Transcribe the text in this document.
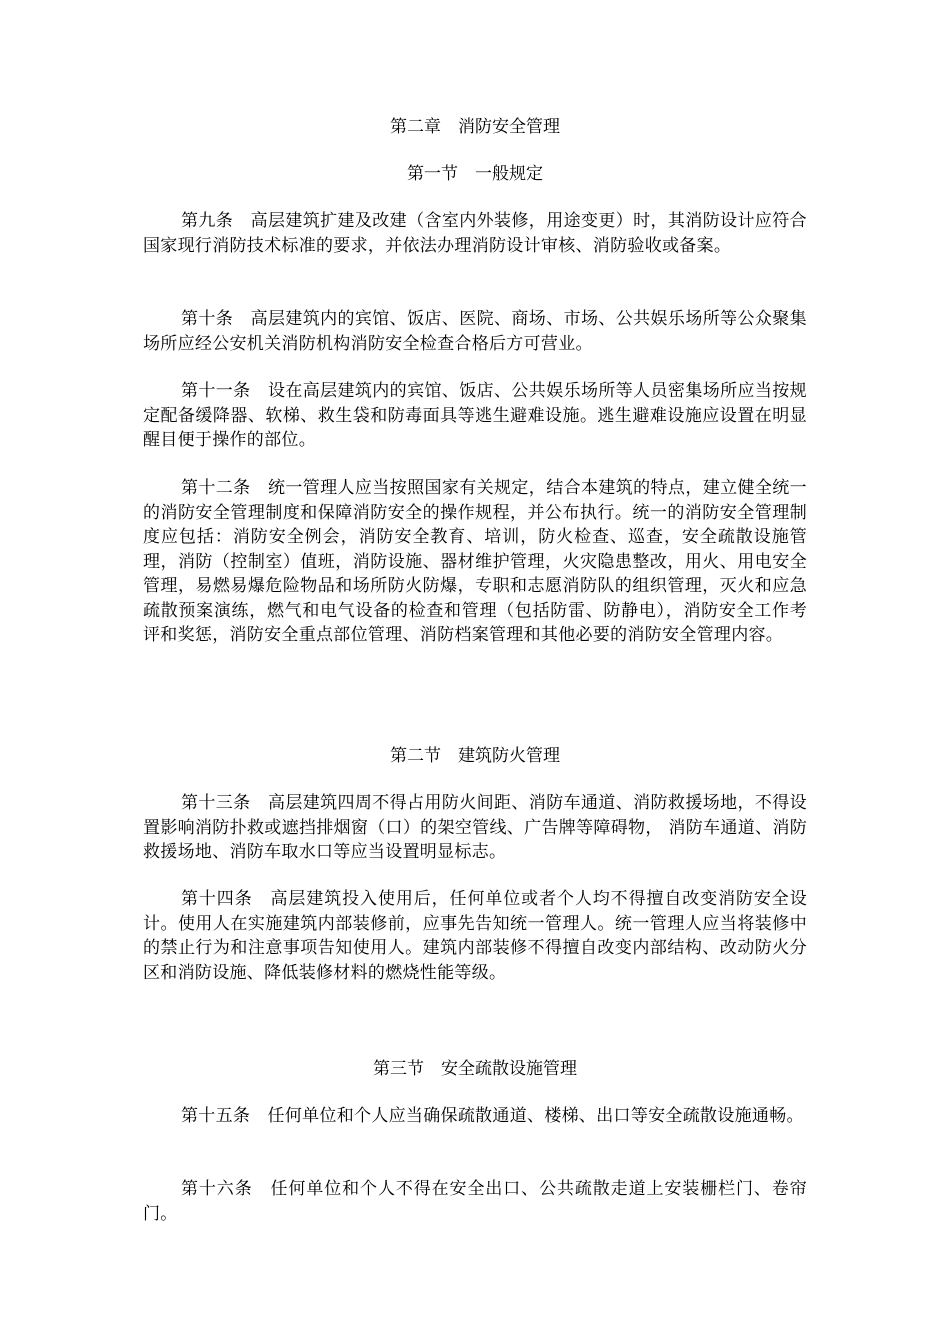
第二章　消防安全管理
第一节　一般规定
第九条　 高层建筑扩建及改建（含室内外装修，用途变更）时，其消防设计应符合国家现行消防技术标准的要求，并依法办理消防设计审核、消防验收或备案。
第十条　 高层建筑内的宾馆、饭店、医院、商场、市场、公共娱乐场所等公众聚集场所应经公安机关消防机构消防安全检查合格后方可营业。
第十一条　 设在高层建筑内的宾馆、饭店、公共娱乐场所等人员密集场所应当按规定配备缓降器、软梯、救生袋和防毒面具等逃生避难设施。逃生避难设施应设置在明显醒目便于操作的部位。
第十二条　 统一管理人应当按照国家有关规定，结合本建筑的特点，建立健全统一的消防安全管理制度和保障消防安全的操作规程，并公布执行。统一的消防安全管理制度应包括：消防安全例会，消防安全教育、培训，防火检查、巡查，安全疏散设施管理，消防（控制室）值班，消防设施、器材维护管理，火灾隐患整改，用火、用电安全管理，易燃易爆危险物品和场所防火防爆，专职和志愿消防队的组织管理，灭火和应急疏散预案演练，燃气和电气设备的检查和管理（包括防雷、防静电），消防安全工作考评和奖惩，消防安全重点部位管理、消防档案管理和其他必要的消防安全管理内容。
第二节　建筑防火管理
第十三条　 高层建筑四周不得占用防火间距、消防车通道、消防救援场地，不得设置影响消防扑救或遮挡排烟窗（口）的架空管线、广告牌等障碍物， 消防车通道、消防救援场地、消防车取水口等应当设置明显标志。
第十四条　 高层建筑投入使用后，任何单位或者个人均不得擅自改变消防安全设计。使用人在实施建筑内部装修前，应事先告知统一管理人。统一管理人应当将装修中的禁止行为和注意事项告知使用人。建筑内部装修不得擅自改变内部结构、改动防火分区和消防设施、降低装修材料的燃烧性能等级。
第三节　安全疏散设施管理
第十五条　 任何单位和个人应当确保疏散通道、楼梯、出口等安全疏散设施通畅。
第十六条　 任何单位和个人不得在安全出口、公共疏散走道上安装栅栏门、卷帘门。
